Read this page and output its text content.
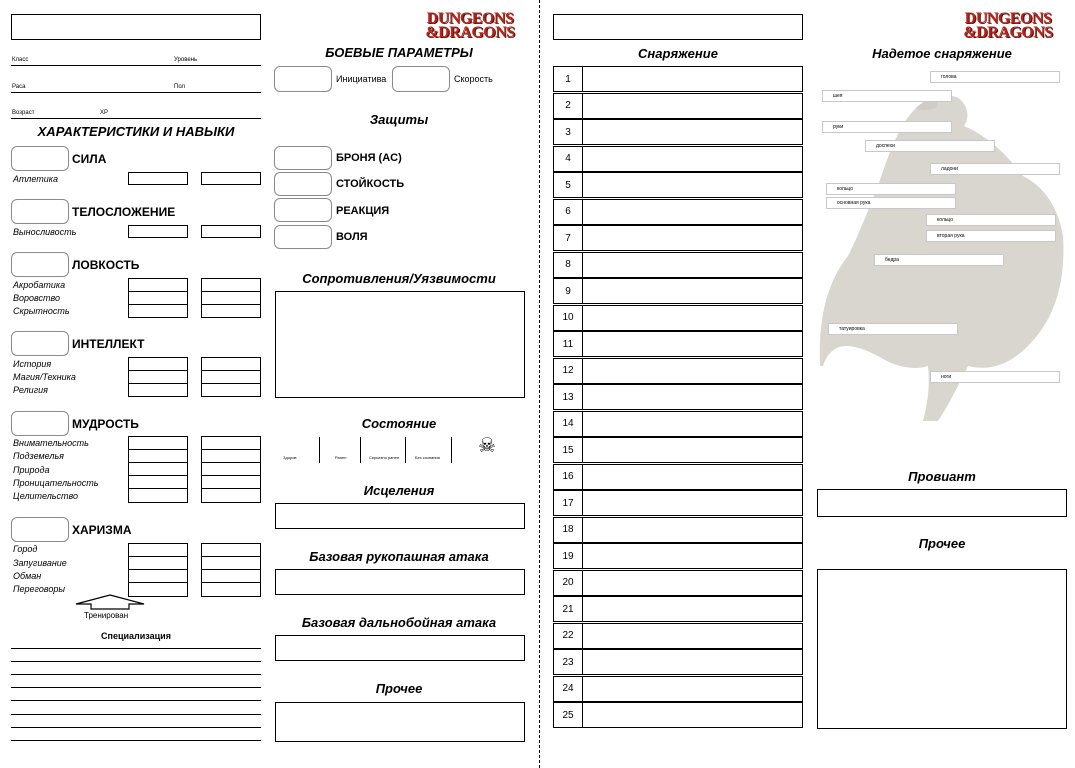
Класс	Уровень
Раса	Пол
Возраст	XP
ХАРАКТЕРИСТИКИ И НАВЫКИ
СИЛА
Атлетика
ТЕЛОСЛОЖЕНИЕ
Выносливость
ЛОВКОСТЬ
Акробатика
Воровство
Скрытность
ИНТЕЛЛЕКТ
История
Магия/Техника
Религия
МУДРОСТЬ
Внимательность
Подземелья
Природа
Проницательность
Целительство
ХАРИЗМА
Город
Запугивание
Обман
Переговоры
Тренирован
Специализация
DUNGEONS
&DRAGONS
БОЕВЫЕ ПАРАМЕТРЫ
Инициатива	Скорость
Защиты
БРОНЯ (AC)
СТОЙКОСТЬ
РЕАКЦИЯ
ВОЛЯ
Сопротивления/Уязвимости
Состояние
Здоров	Ранен	Серьезно ранен	Без сознания
☠
Исцеления
Базовая рукопашная атака
Базовая дальнобойная атака
Прочее
Снаряжение
1
2
3
4
5
6
7
8
9
10
11
12
13
14
15
16
17
18
19
20
21
22
23
24
25
DUNGEONS
&DRAGONS
Надетое снаряжение
голова
шея
руки
доспехи
ладони
кольцо
основная рука
кольцо
вторая рука
бедра
татуировка
ноги
Провиант
Прочее
